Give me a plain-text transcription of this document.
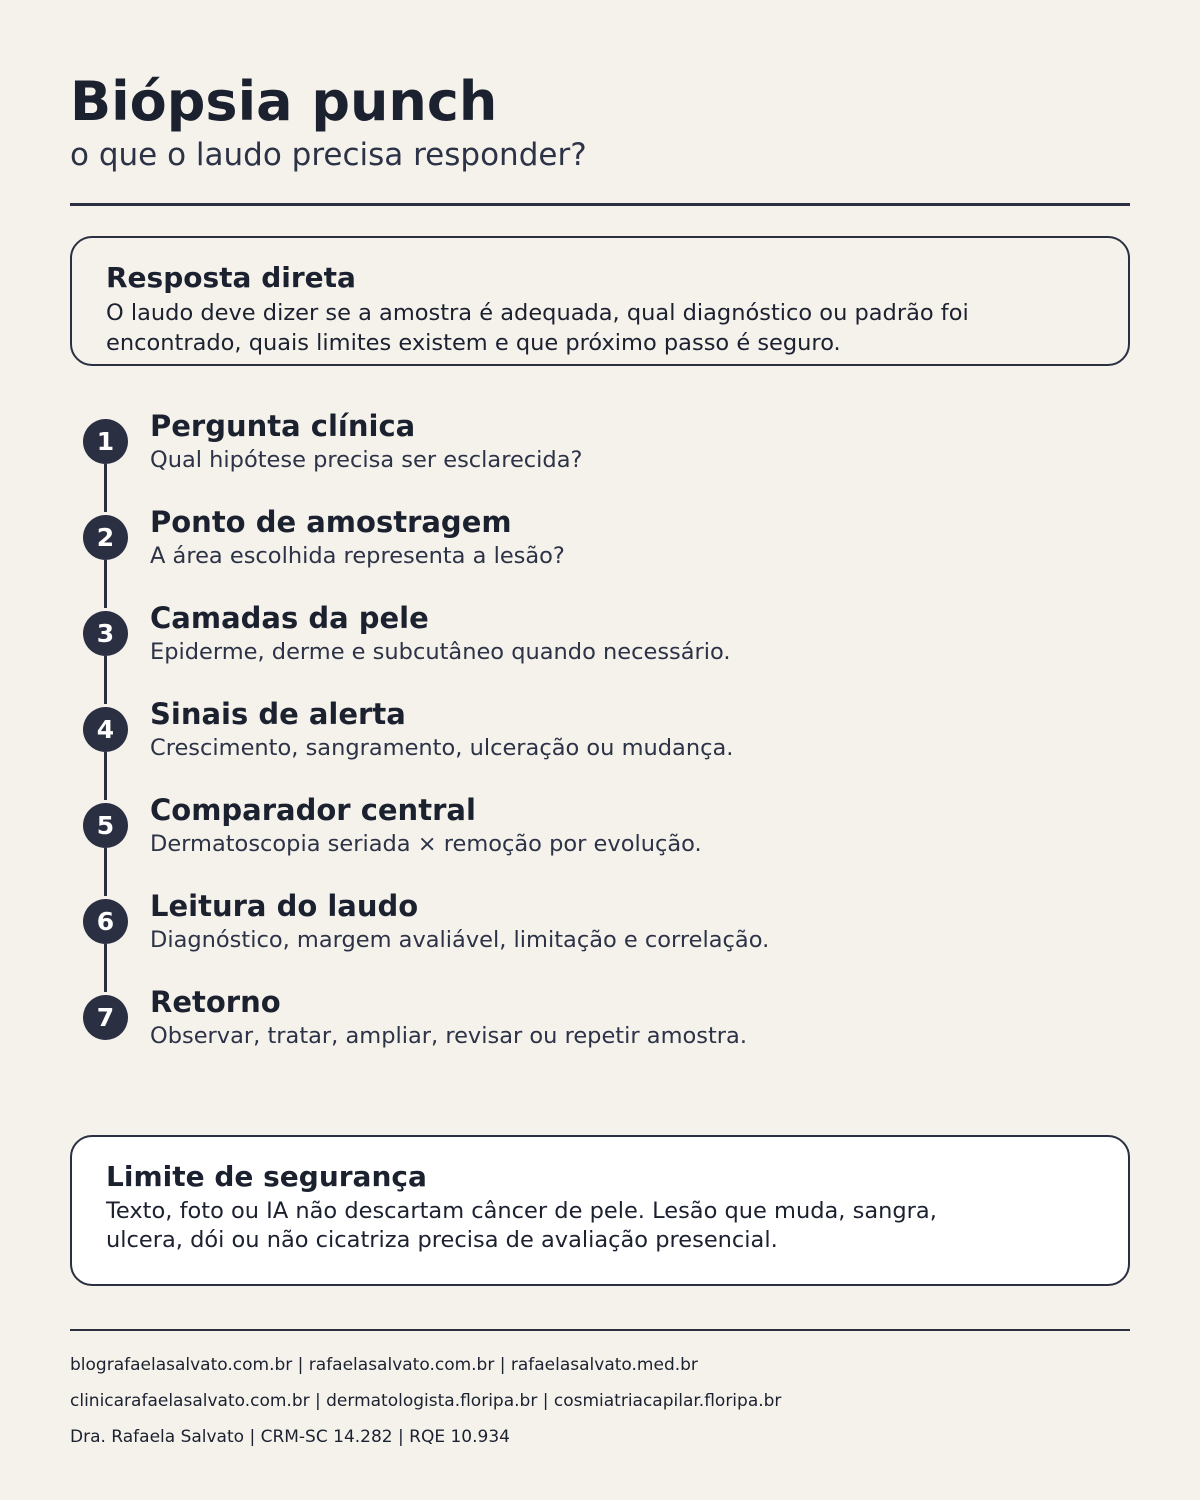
Biópsia punch

o que o laudo precisa responder?

Resposta direta

O laudo deve dizer se a amostra é adequada, qual diagnóstico ou padrão foi encontrado, quais limites existem e que próximo passo é seguro.

1	Pergunta clínica
Qual hipótese precisa ser esclarecida?
2	Ponto de amostragem
A área escolhida representa a lesão?
3	Camadas da pele
Epiderme, derme e subcutâneo quando necessário.
4	Sinais de alerta
Crescimento, sangramento, ulceração ou mudança.
5	Comparador central
Dermatoscopia seriada × remoção por evolução.
6	Leitura do laudo
Diagnóstico, margem avaliável, limitação e correlação.
7	Retorno
Observar, tratar, ampliar, revisar ou repetir amostra.
Limite de segurança

Texto, foto ou IA não descartam câncer de pele. Lesão que muda, sangra, ulcera, dói ou não cicatriza precisa de avaliação presencial.

blografaelasalvato.com.br | rafaelasalvato.com.br | rafaelasalvato.med.br
clinicarafaelasalvato.com.br | dermatologista.floripa.br | cosmiatriacapilar.floripa.br
Dra. Rafaela Salvato | CRM-SC 14.282 | RQE 10.934
